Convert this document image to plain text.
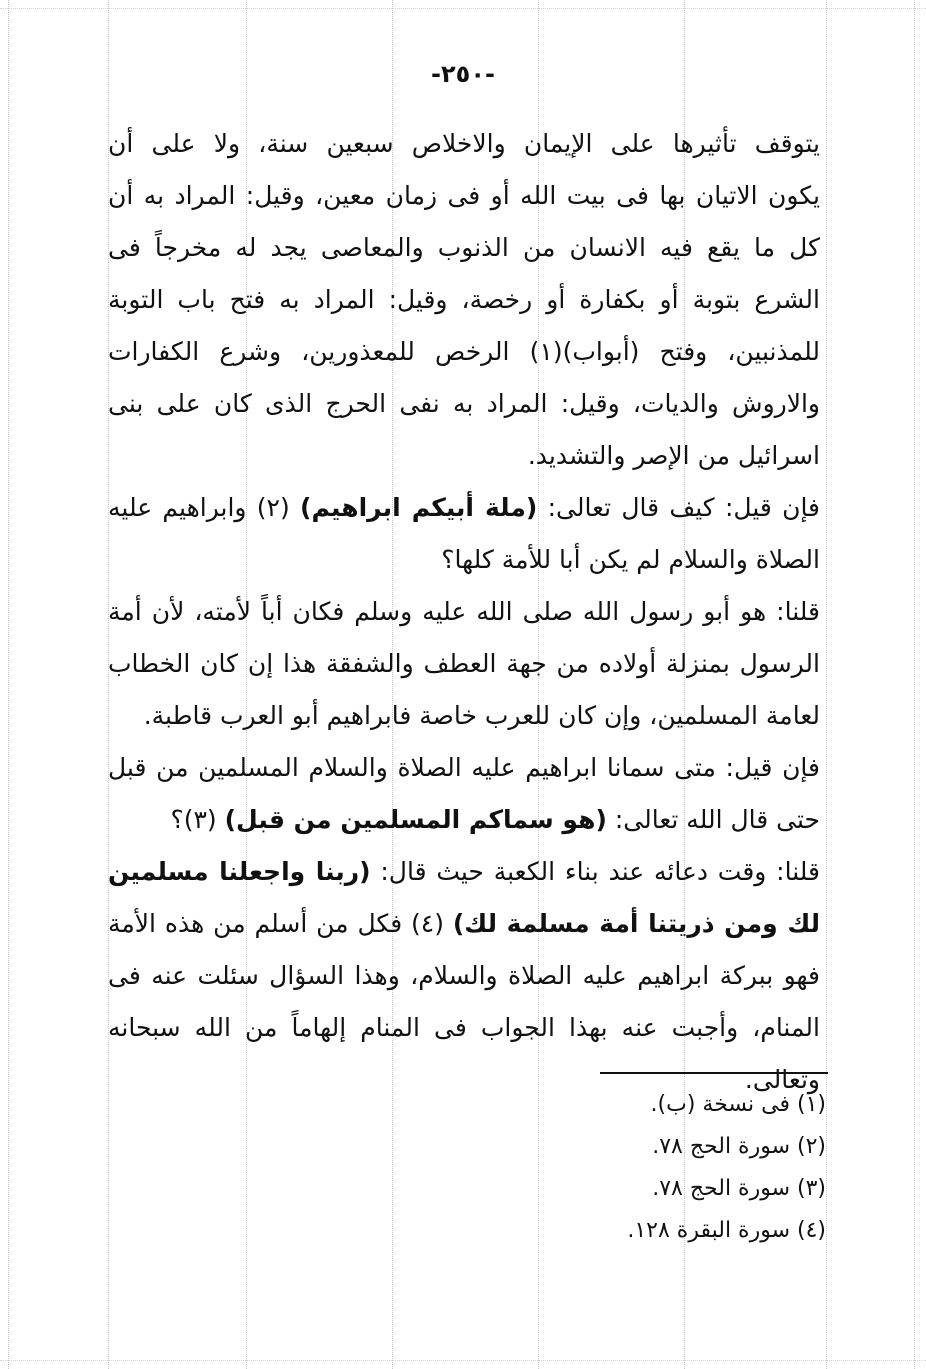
-٢٥٠-
يتوقف تأثيرها على الإيمان والاخلاص سبعين سنة، ولا على أن
يكون الاتيان بها فى بيت الله أو فى زمان معين، وقيل: المراد به أن
كل ما يقع فيه الانسان من الذنوب والمعاصى يجد له مخرجاً فى
الشرع بتوبة أو بكفارة أو رخصة، وقيل: المراد به فتح باب التوبة
للمذنبين، وفتح (أبواب)(١) الرخص للمعذورين، وشرع الكفارات
والاروش والديات، وقيل: المراد به نفى الحرج الذى كان على بنى
اسرائيل من الإصر والتشديد.
فإن قيل: كيف قال تعالى: (ملة أبيكم ابراهيم) (٢) وابراهيم عليه
الصلاة والسلام لم يكن أبا للأمة كلها؟
قلنا: هو أبو رسول الله صلى الله عليه وسلم فكان أباً لأمته، لأن أمة
الرسول بمنزلة أولاده من جهة العطف والشفقة هذا إن كان الخطاب
لعامة المسلمين، وإن كان للعرب خاصة فابراهيم أبو العرب قاطبة.
فإن قيل: متى سمانا ابراهيم عليه الصلاة والسلام المسلمين من قبل
حتى قال الله تعالى: (هو سماكم المسلمين من قبل) (٣)؟
قلنا: وقت دعائه عند بناء الكعبة حيث قال: (ربنا واجعلنا مسلمين
لك ومن ذريتنا أمة مسلمة لك) (٤) فكل من أسلم من هذه الأمة
فهو ببركة ابراهيم عليه الصلاة والسلام، وهذا السؤال سئلت عنه فى
المنام، وأجبت عنه بهذا الجواب فى المنام إلهاماً من الله سبحانه
وتعالى.
(١) فى نسخة (ب).
(٢) سورة الحج ٧٨.
(٣) سورة الحج ٧٨.
(٤) سورة البقرة ١٢٨.
